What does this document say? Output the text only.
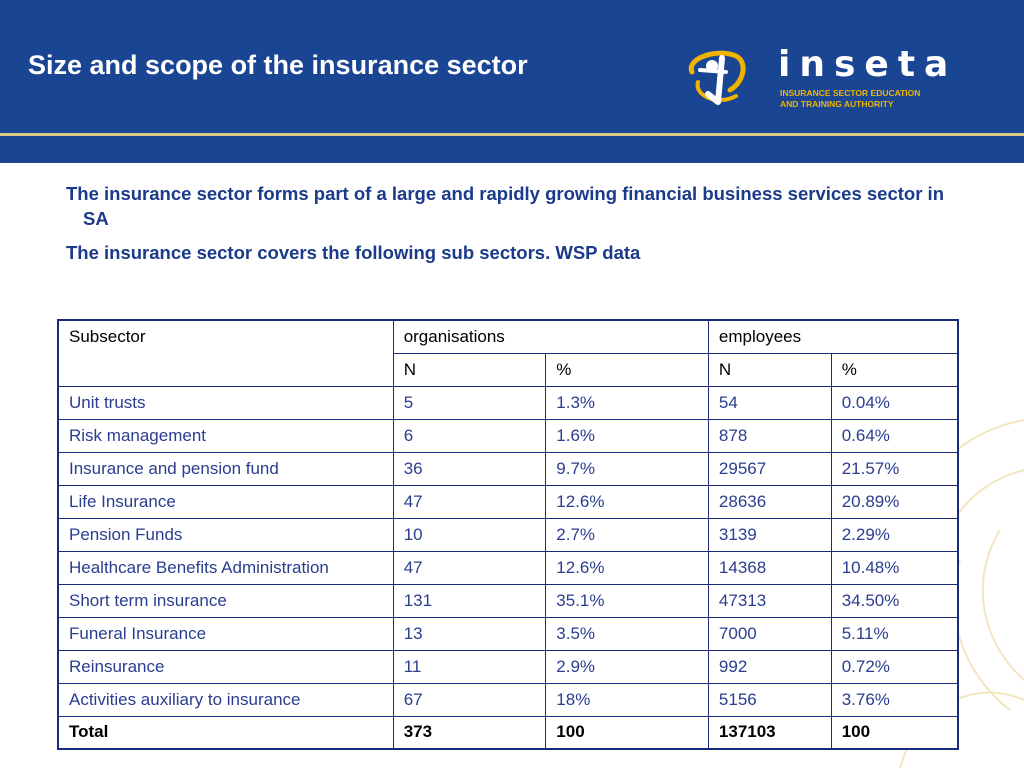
Size and scope of the insurance sector	inseta
INSURANCE SECTOR EDUCATION
AND TRAINING AUTHORITY

The insurance sector forms part of a large and rapidly growing financial business services sector in SA

The insurance sector covers the following sub sectors. WSP data

Subsector	organisations		employees	
	N	%	N	%
Unit trusts	5	1.3%	54	0.04%
Risk management	6	1.6%	878	0.64%
Insurance and pension fund	36	9.7%	29567	21.57%
Life Insurance	47	12.6%	28636	20.89%
Pension Funds	10	2.7%	3139	2.29%
Healthcare Benefits Administration	47	12.6%	14368	10.48%
Short term insurance	131	35.1%	47313	34.50%
Funeral Insurance	13	3.5%	7000	5.11%
Reinsurance	11	2.9%	992	0.72%
Activities auxiliary to insurance	67	18%	5156	3.76%
Total	373	100	137103	100
